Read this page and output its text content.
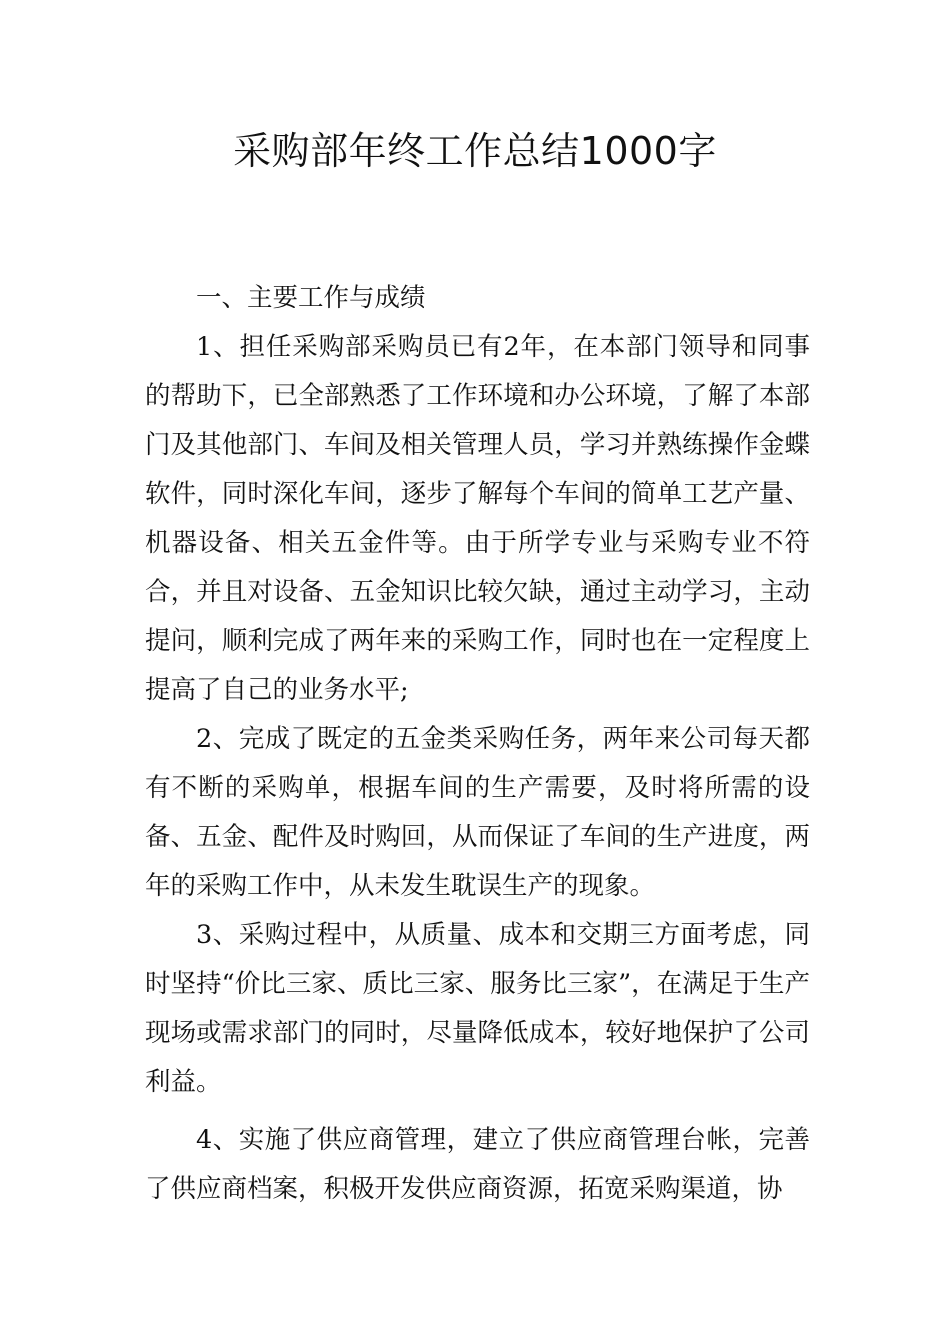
采购部年终工作总结1000字

一、主要工作与成绩

1、担任采购部采购员已有2年，在本部门领导和同事的帮助下，已全部熟悉了工作环境和办公环境，了解了本部门及其他部门、车间及相关管理人员，学习并熟练操作金蝶软件，同时深化车间，逐步了解每个车间的简单工艺产量、机器设备、相关五金件等。由于所学专业与采购专业不符合，并且对设备、五金知识比较欠缺，通过主动学习，主动提问，顺利完成了两年来的采购工作，同时也在一定程度上提高了自己的业务水平;

2、完成了既定的五金类采购任务，两年来公司每天都有不断的采购单，根据车间的生产需要，及时将所需的设备、五金、配件及时购回，从而保证了车间的生产进度，两年的采购工作中，从未发生耽误生产的现象。

3、采购过程中，从质量、成本和交期三方面考虑，同时坚持“价比三家、质比三家、服务比三家”，在满足于生产现场或需求部门的同时，尽量降低成本，较好地保护了公司利益。

4、实施了供应商管理，建立了供应商管理台帐，完善了供应商档案，积极开发供应商资源，拓宽采购渠道，协
